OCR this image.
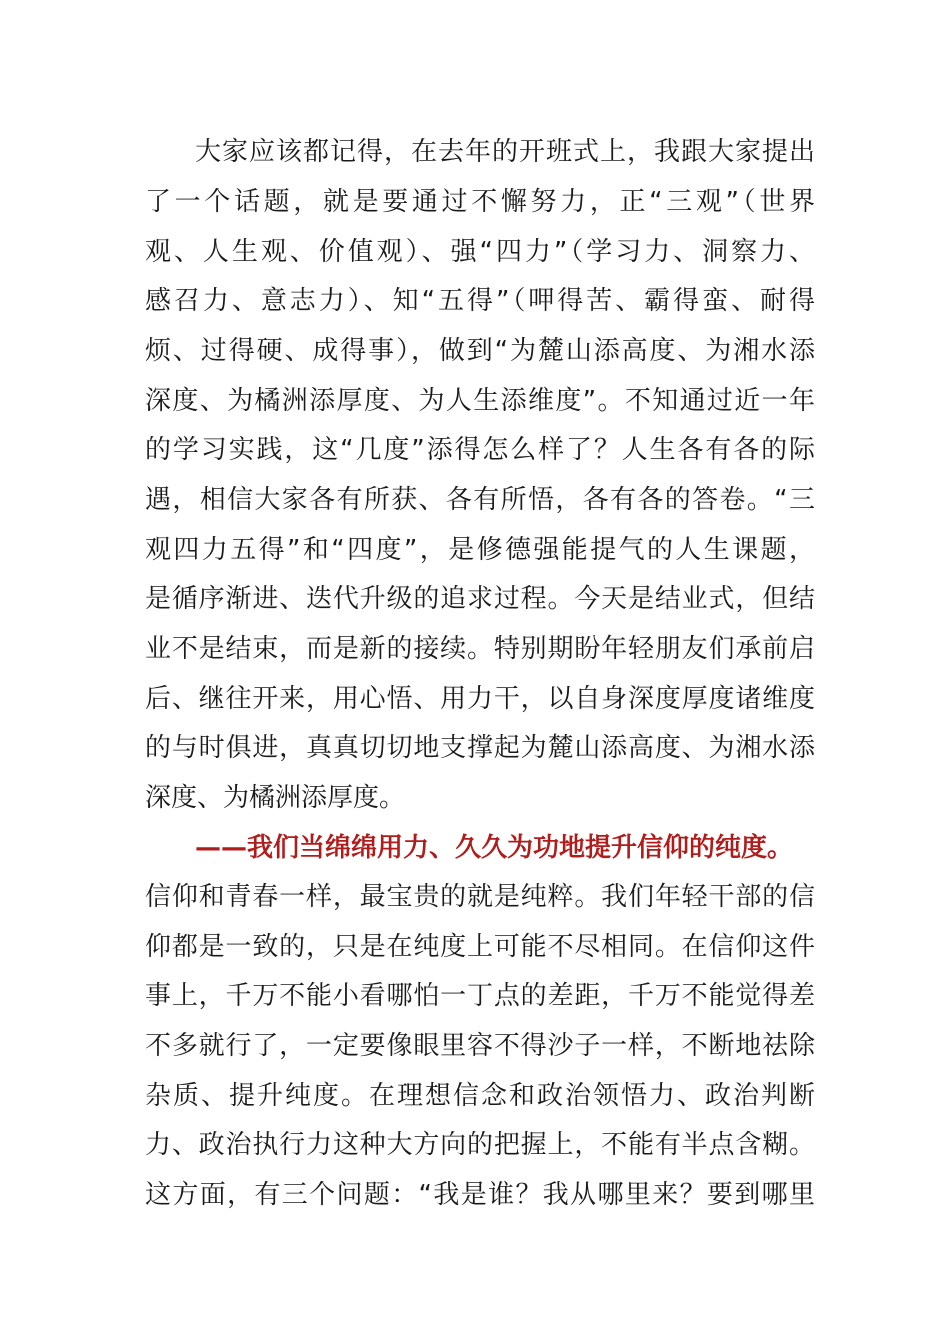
大家应该都记得，在去年的开班式上，我跟大家提出
了一个话题，就是要通过不懈努力，正“三观”（世界
观、人生观、价值观）、强“四力”（学习力、洞察力、
感召力、意志力）、知“五得”（呷得苦、霸得蛮、耐得
烦、过得硬、成得事），做到“为麓山添高度、为湘水添
深度、为橘洲添厚度、为人生添维度”。不知通过近一年
的学习实践，这“几度”添得怎么样了？人生各有各的际
遇，相信大家各有所获、各有所悟，各有各的答卷。“三
观四力五得”和“四度”，是修德强能提气的人生课题，
是循序渐进、迭代升级的追求过程。今天是结业式，但结
业不是结束，而是新的接续。特别期盼年轻朋友们承前启
后、继往开来，用心悟、用力干，以自身深度厚度诸维度
的与时俱进，真真切切地支撑起为麓山添高度、为湘水添
深度、为橘洲添厚度。
——我们当绵绵用力、久久为功地提升信仰的纯度。
信仰和青春一样，最宝贵的就是纯粹。我们年轻干部的信
仰都是一致的，只是在纯度上可能不尽相同。在信仰这件
事上，千万不能小看哪怕一丁点的差距，千万不能觉得差
不多就行了，一定要像眼里容不得沙子一样，不断地祛除
杂质、提升纯度。在理想信念和政治领悟力、政治判断
力、政治执行力这种大方向的把握上，不能有半点含糊。
这方面，有三个问题：“我是谁？我从哪里来？要到哪里
